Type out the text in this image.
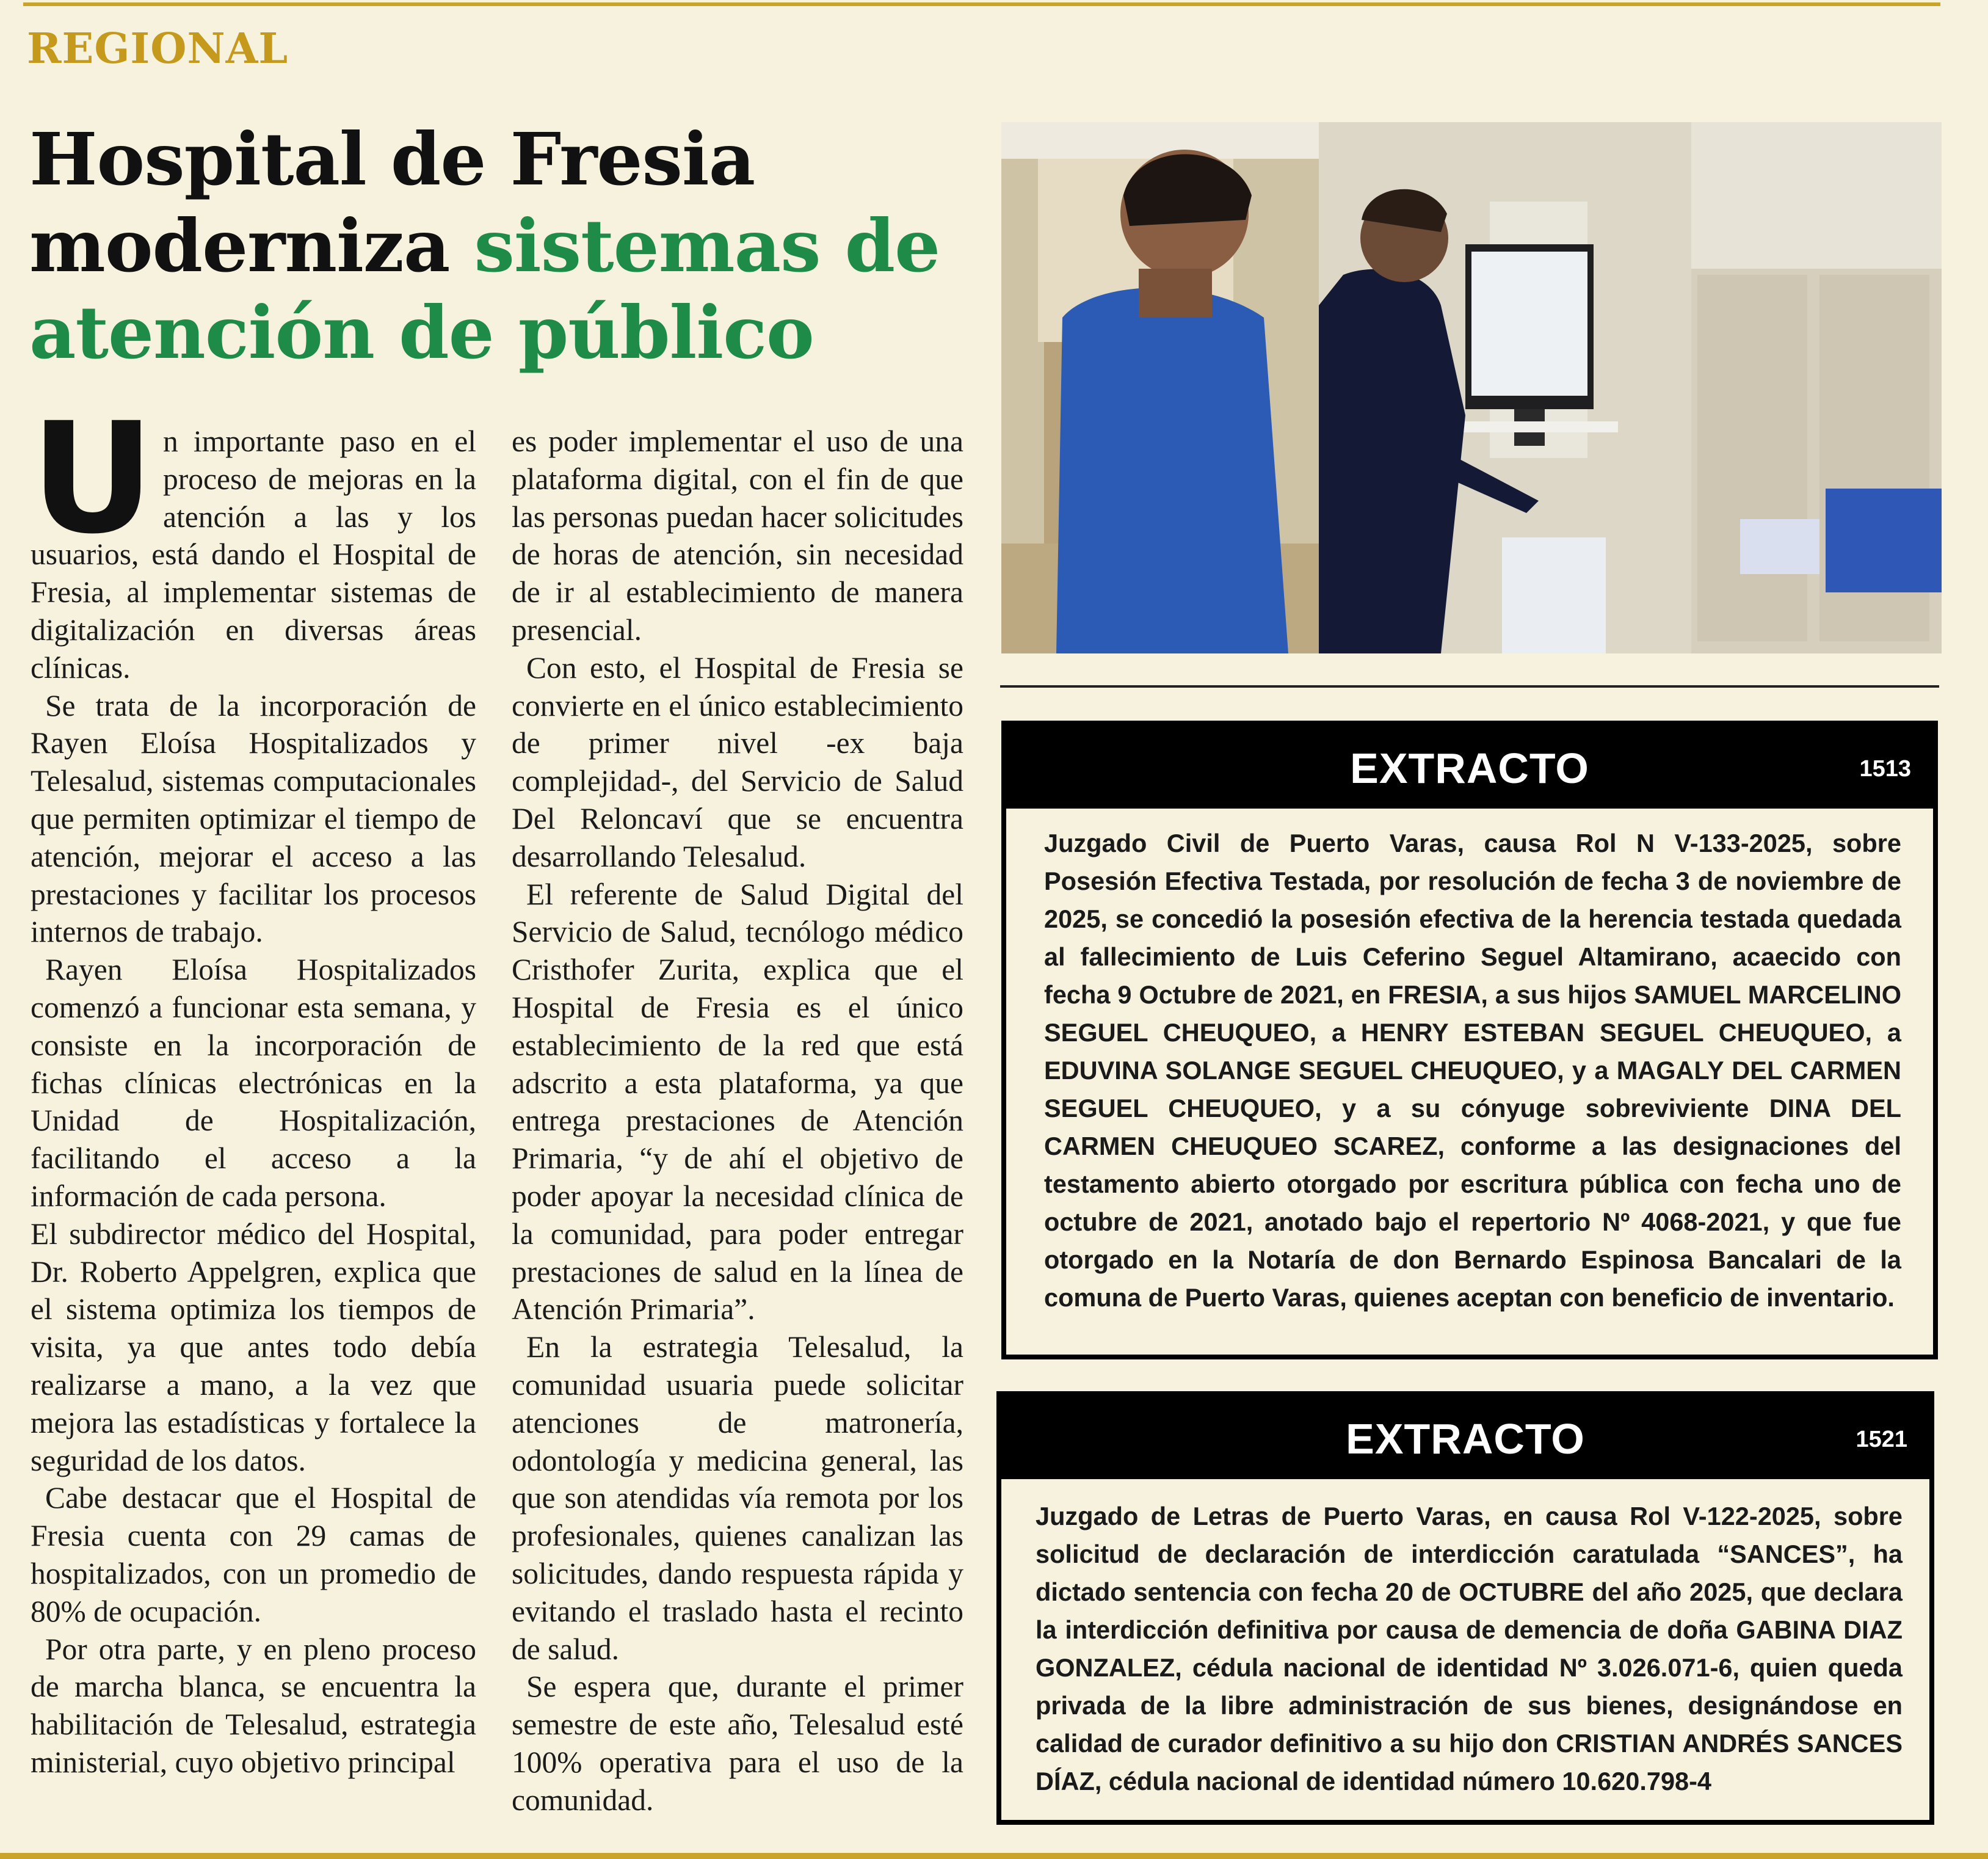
REGIONAL
Hospital de Fresia moderniza sistemas de atención de público

Un importante paso en el proceso de mejoras en la atención a las y los usuarios, está dando el Hospital de Fresia, al implementar sistemas de digitalización en diversas áreas clínicas.

Se trata de la incorporación de Rayen Eloísa Hospitalizados y Telesalud, sistemas computacionales que permiten optimizar el tiempo de atención, mejorar el acceso a las prestaciones y facilitar los procesos internos de trabajo.

Rayen Eloísa Hospitalizados comenzó a funcionar esta semana, y consiste en la incorporación de fichas clínicas electrónicas en la Unidad de Hospitalización, facilitando el acceso a la información de cada persona.

El subdirector médico del Hospital, Dr. Roberto Appelgren, explica que el sistema optimiza los tiempos de visita, ya que antes todo debía realizarse a mano, a la vez que mejora las estadísticas y fortalece la seguridad de los datos.

Cabe destacar que el Hospital de Fresia cuenta con 29 camas de hospitalizados, con un promedio de 80% de ocupación.

Por otra parte, y en pleno proceso de marcha blanca, se encuentra la habilitación de Telesalud, estrategia ministerial, cuyo objetivo principal

es poder implementar el uso de una plataforma digital, con el fin de que las personas puedan hacer solicitudes de horas de atención, sin necesidad de ir al establecimiento de manera presencial.

Con esto, el Hospital de Fresia se convierte en el único establecimiento de primer nivel -ex baja complejidad-, del Servicio de Salud Del Reloncaví que se encuentra desarrollando Telesalud.

El referente de Salud Digital del Servicio de Salud, tecnólogo médico Cristhofer Zurita, explica que el Hospital de Fresia es el único establecimiento de la red que está adscrito a esta plataforma, ya que entrega prestaciones de Atención Primaria, “y de ahí el objetivo de poder apoyar la necesidad clínica de la comunidad, para poder entregar prestaciones de salud en la línea de Atención Primaria”.

En la estrategia Telesalud, la comunidad usuaria puede solicitar atenciones de matronería, odontología y medicina general, las que son atendidas vía remota por los profesionales, quienes canalizan las solicitudes, dando respuesta rápida y evitando el traslado hasta el recinto de salud.

Se espera que, durante el primer semestre de este año, Telesalud esté 100% operativa para el uso de la comunidad.

EXTRACTO	1513
Juzgado Civil de Puerto Varas, causa Rol N V-133-2025, sobre Posesión Efectiva Testada, por resolución de fecha 3 de noviembre de 2025, se concedió la posesión efectiva de la herencia testada quedada al fallecimiento de Luis Ceferino Seguel Altamirano, acaecido con fecha 9 Octubre de 2021, en FRESIA, a sus hijos SAMUEL MARCELINO SEGUEL CHEUQUEO, a HENRY ESTEBAN SEGUEL CHEUQUEO, a EDUVINA SOLANGE SEGUEL CHEUQUEO, y a MAGALY DEL CARMEN SEGUEL CHEUQUEO, y a su cónyuge sobreviviente DINA DEL CARMEN CHEUQUEO SCAREZ, conforme a las designaciones del testamento abierto otorgado por escritura pública con fecha uno de octubre de 2021, anotado bajo el repertorio Nº 4068-2021, y que fue otorgado en la Notaría de don Bernardo Espinosa Bancalari de la comuna de Puerto Varas, quienes aceptan con beneficio de inventario.
EXTRACTO	1521
Juzgado de Letras de Puerto Varas, en causa Rol V-122-2025, sobre solicitud de declaración de interdicción caratulada “SANCES”, ha dictado sentencia con fecha 20 de OCTUBRE del año 2025, que declara la interdicción definitiva por causa de demencia de doña GABINA DIAZ GONZALEZ, cédula nacional de identidad Nº 3.026.071-6, quien queda privada de la libre administración de sus bienes, designándose en calidad de curador definitivo a su hijo don CRISTIAN ANDRÉS SANCES DÍAZ, cédula nacional de identidad número 10.620.798-4
